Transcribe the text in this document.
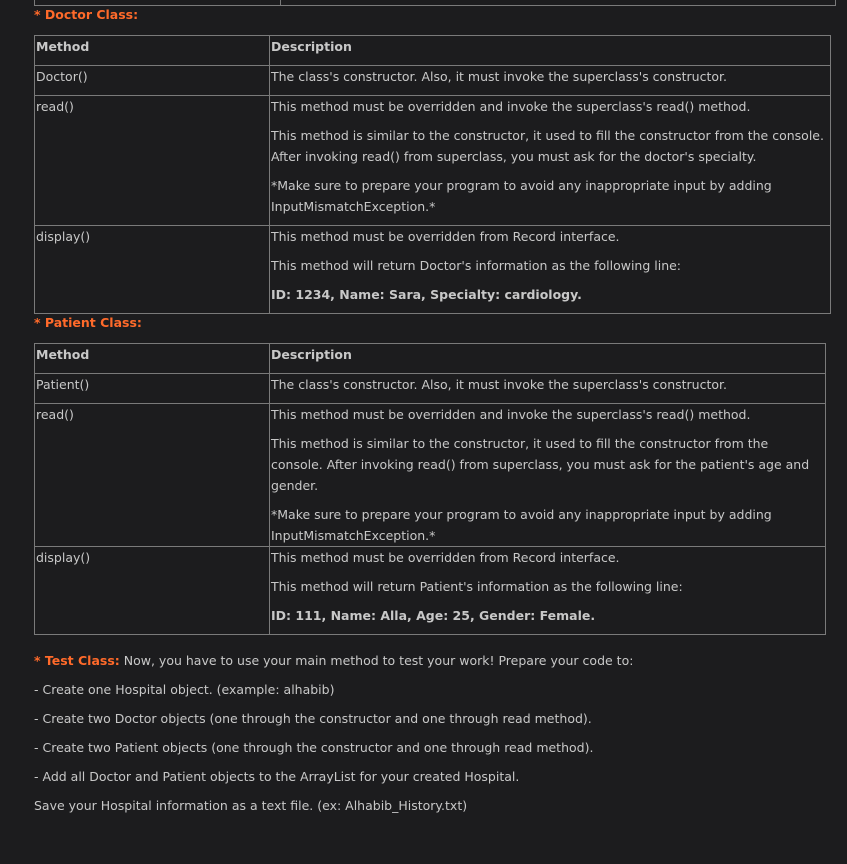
* Doctor Class:
Method	Description
Doctor()	The class's constructor. Also, it must invoke the superclass's constructor.

read()	This method must be overridden and invoke the superclass's read() method.

This method is similar to the constructor, it used to fill the constructor from the console. After invoking read() from superclass, you must ask for the doctor's specialty.

*Make sure to prepare your program to avoid any inappropriate input by adding InputMismatchException.*

display()	This method must be overridden from Record interface.

This method will return Doctor's information as the following line:

ID: 1234, Name: Sara, Specialty: cardiology.

* Patient Class:
Method	Description
Patient()	The class's constructor. Also, it must invoke the superclass's constructor.

read()	This method must be overridden and invoke the superclass's read() method.

This method is similar to the constructor, it used to fill the constructor from the console. After invoking read() from superclass, you must ask for the patient's age and gender.

*Make sure to prepare your program to avoid any inappropriate input by adding InputMismatchException.*

display()	This method must be overridden from Record interface.

This method will return Patient's information as the following line:

ID: 111, Name: Alla, Age: 25, Gender: Female.

* Test Class: Now, you have to use your main method to test your work! Prepare your code to:
- Create one Hospital object. (example: alhabib)
- Create two Doctor objects (one through the constructor and one through read method).
- Create two Patient objects (one through the constructor and one through read method).
- Add all Doctor and Patient objects to the ArrayList for your created Hospital.
Save your Hospital information as a text file. (ex: Alhabib_History.txt)
